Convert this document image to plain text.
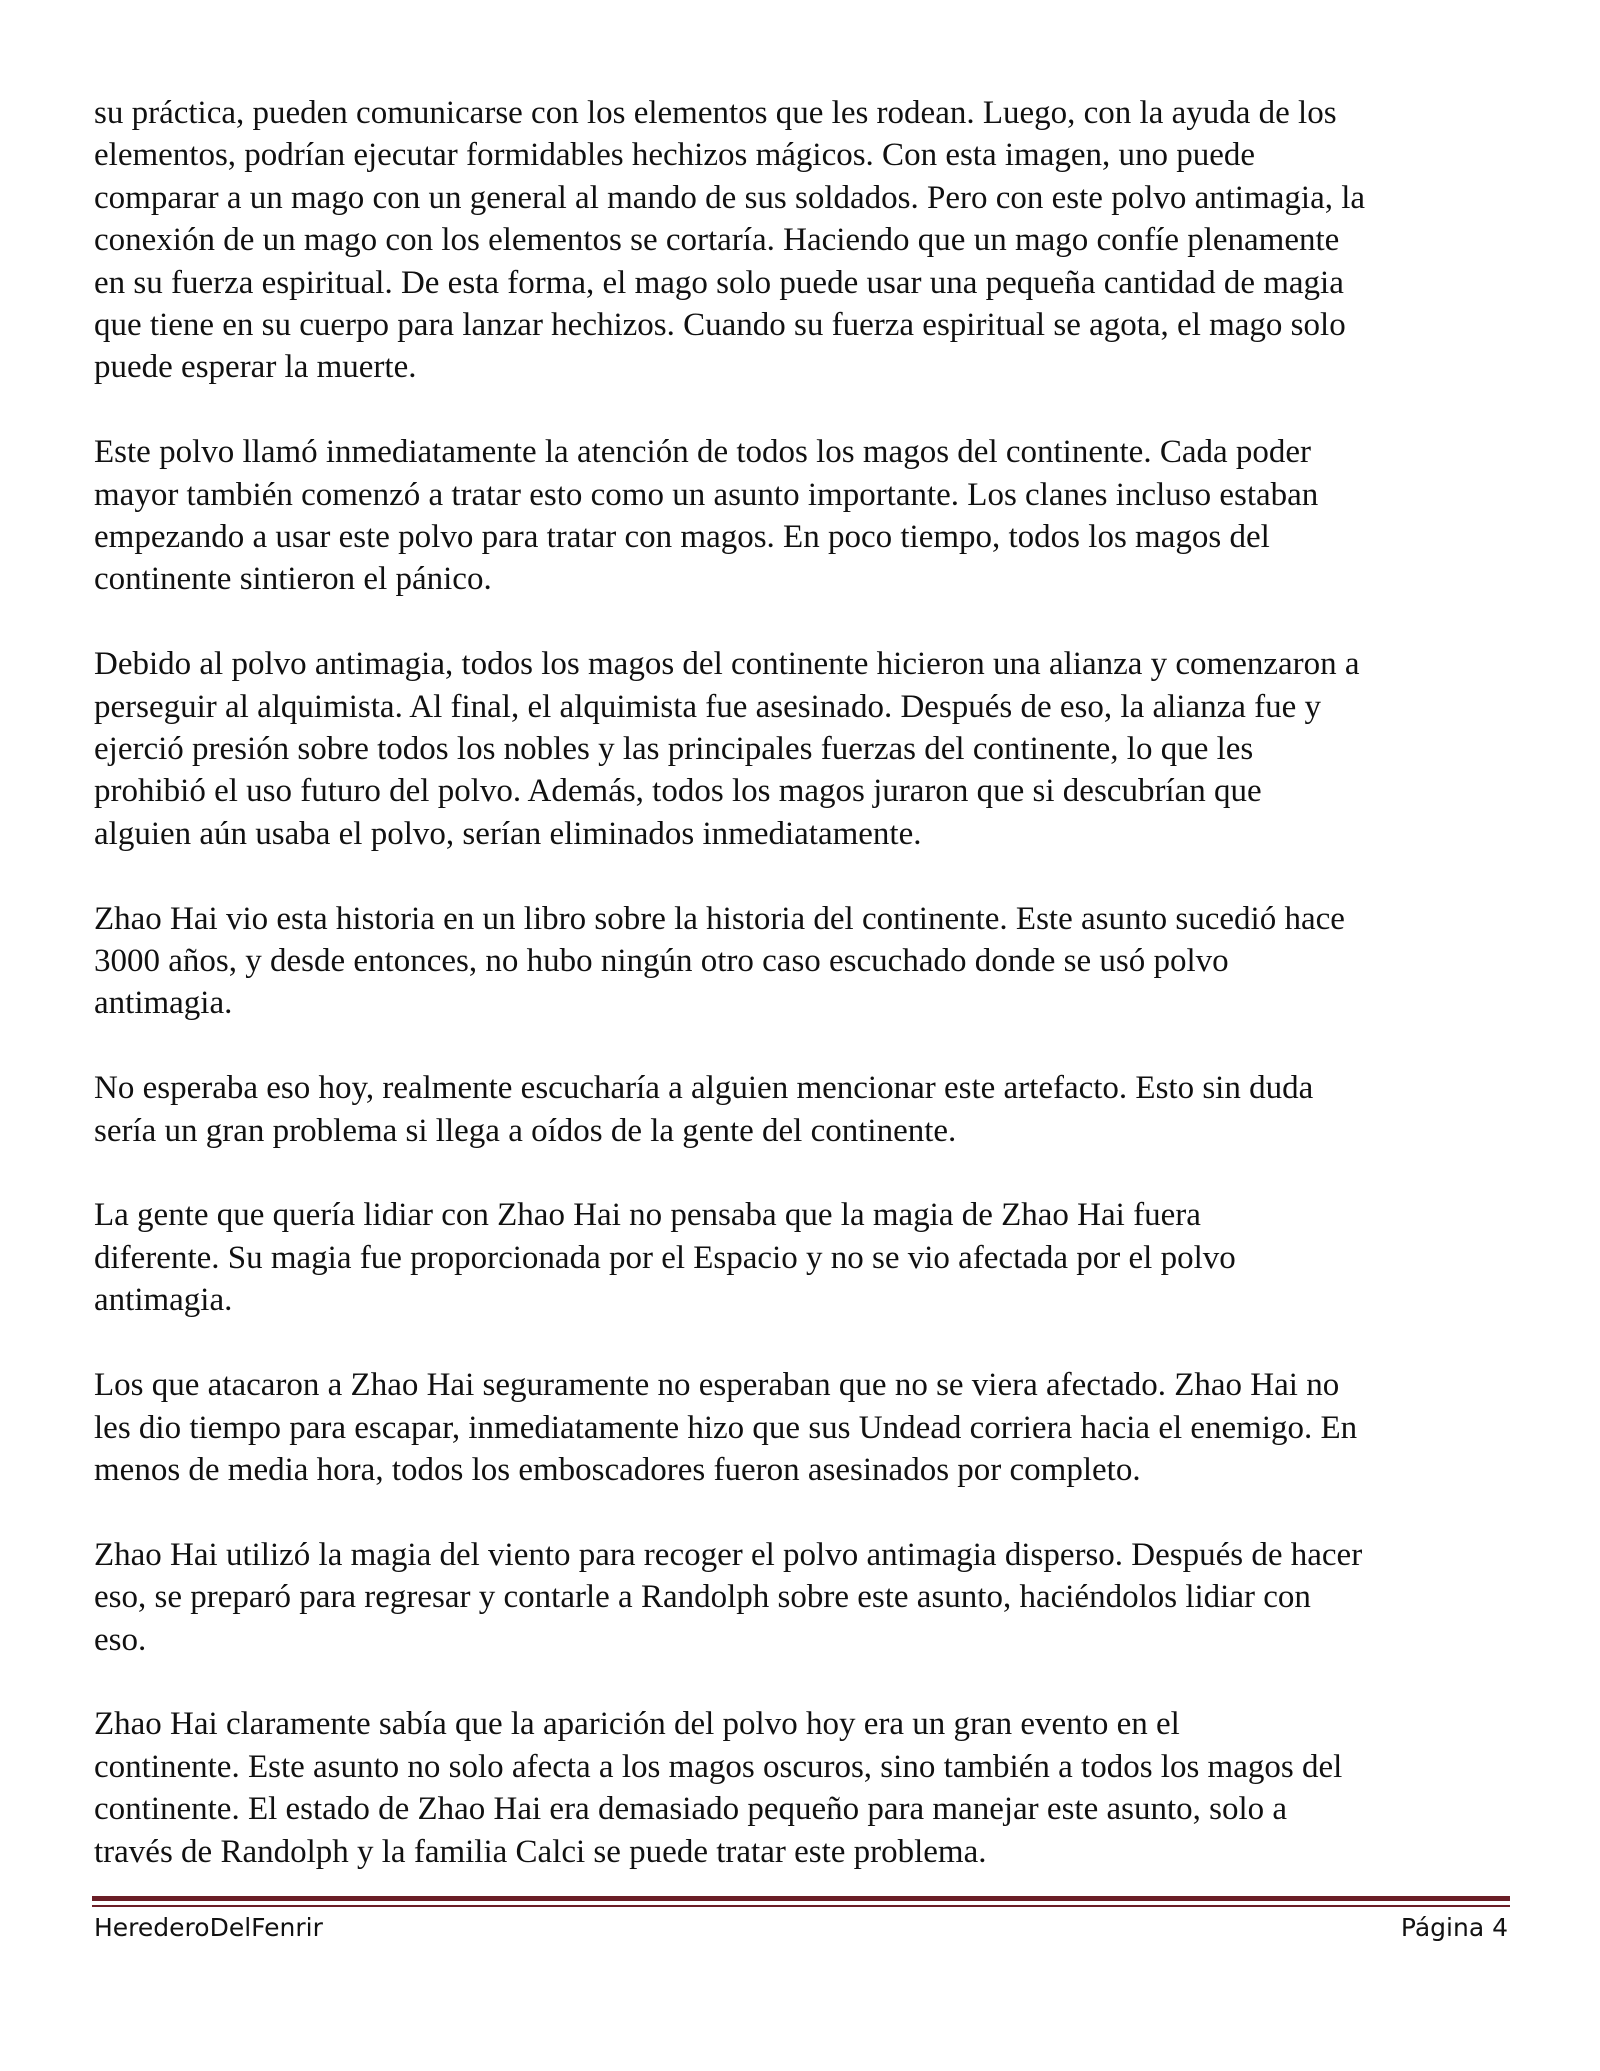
su práctica, pueden comunicarse con los elementos que les rodean. Luego, con la ayuda de los
elementos, podrían ejecutar formidables hechizos mágicos. Con esta imagen, uno puede
comparar a un mago con un general al mando de sus soldados. Pero con este polvo antimagia, la
conexión de un mago con los elementos se cortaría. Haciendo que un mago confíe plenamente
en su fuerza espiritual. De esta forma, el mago solo puede usar una pequeña cantidad de magia
que tiene en su cuerpo para lanzar hechizos. Cuando su fuerza espiritual se agota, el mago solo
puede esperar la muerte.

Este polvo llamó inmediatamente la atención de todos los magos del continente. Cada poder
mayor también comenzó a tratar esto como un asunto importante. Los clanes incluso estaban
empezando a usar este polvo para tratar con magos. En poco tiempo, todos los magos del
continente sintieron el pánico.

Debido al polvo antimagia, todos los magos del continente hicieron una alianza y comenzaron a
perseguir al alquimista. Al final, el alquimista fue asesinado. Después de eso, la alianza fue y
ejerció presión sobre todos los nobles y las principales fuerzas del continente, lo que les
prohibió el uso futuro del polvo. Además, todos los magos juraron que si descubrían que
alguien aún usaba el polvo, serían eliminados inmediatamente.

Zhao Hai vio esta historia en un libro sobre la historia del continente. Este asunto sucedió hace
3000 años, y desde entonces, no hubo ningún otro caso escuchado donde se usó polvo
antimagia.

No esperaba eso hoy, realmente escucharía a alguien mencionar este artefacto. Esto sin duda
sería un gran problema si llega a oídos de la gente del continente.

La gente que quería lidiar con Zhao Hai no pensaba que la magia de Zhao Hai fuera
diferente. Su magia fue proporcionada por el Espacio y no se vio afectada por el polvo
antimagia.

Los que atacaron a Zhao Hai seguramente no esperaban que no se viera afectado. Zhao Hai no
les dio tiempo para escapar, inmediatamente hizo que sus Undead corriera hacia el enemigo. En
menos de media hora, todos los emboscadores fueron asesinados por completo.

Zhao Hai utilizó la magia del viento para recoger el polvo antimagia disperso. Después de hacer
eso, se preparó para regresar y contarle a Randolph sobre este asunto, haciéndolos lidiar con
eso.

Zhao Hai claramente sabía que la aparición del polvo hoy era un gran evento en el
continente. Este asunto no solo afecta a los magos oscuros, sino también a todos los magos del
continente. El estado de Zhao Hai era demasiado pequeño para manejar este asunto, solo a
través de Randolph y la familia Calci se puede tratar este problema.

HerederoDelFenrir	Página 4
